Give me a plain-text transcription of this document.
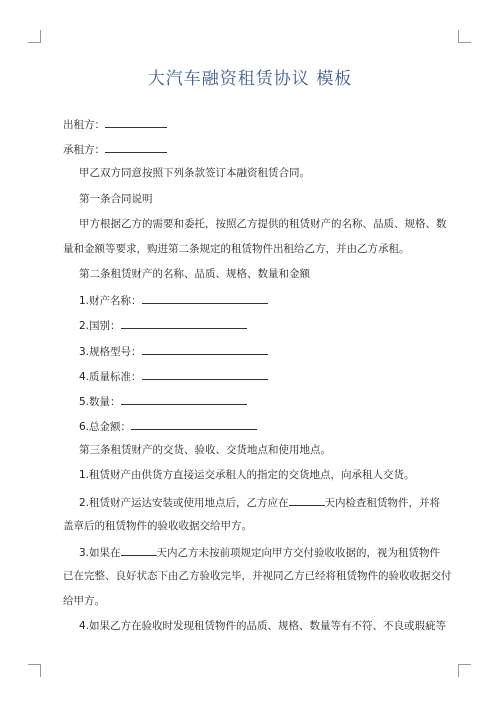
大汽车融资租赁协议 模板
出租方：
承租方：
甲乙双方同意按照下列条款签订本融资租赁合同。
第一条合同说明
甲方根据乙方的需要和委托，按照乙方提供的租赁财产的名称、品质、规格、数
量和金额等要求，购进第二条规定的租赁物件出租给乙方，并由乙方承租。
第二条租赁财产的名称、品质、规格、数量和金额
1.财产名称：
2.国别：
3.规格型号：
4.质量标准：
5.数量：
6.总金额：
第三条租赁财产的交货、验收、交货地点和使用地点。
1.租赁财产由供货方直接运交承租人的指定的交货地点，向承租人交货。
2.租赁财产运达安装或使用地点后，乙方应在	天内检查租赁物件，并将
盖章后的租赁物件的验收收据交给甲方。
3.如果在	天内乙方未按前项规定向甲方交付验收收据的，视为租赁物件
已在完整、良好状态下由乙方验收完毕，并视同乙方已经将租赁物件的验收收据交付
给甲方。
4.如果乙方在验收时发现租赁物件的品质、规格、数量等有不符、不良或瑕疵等
